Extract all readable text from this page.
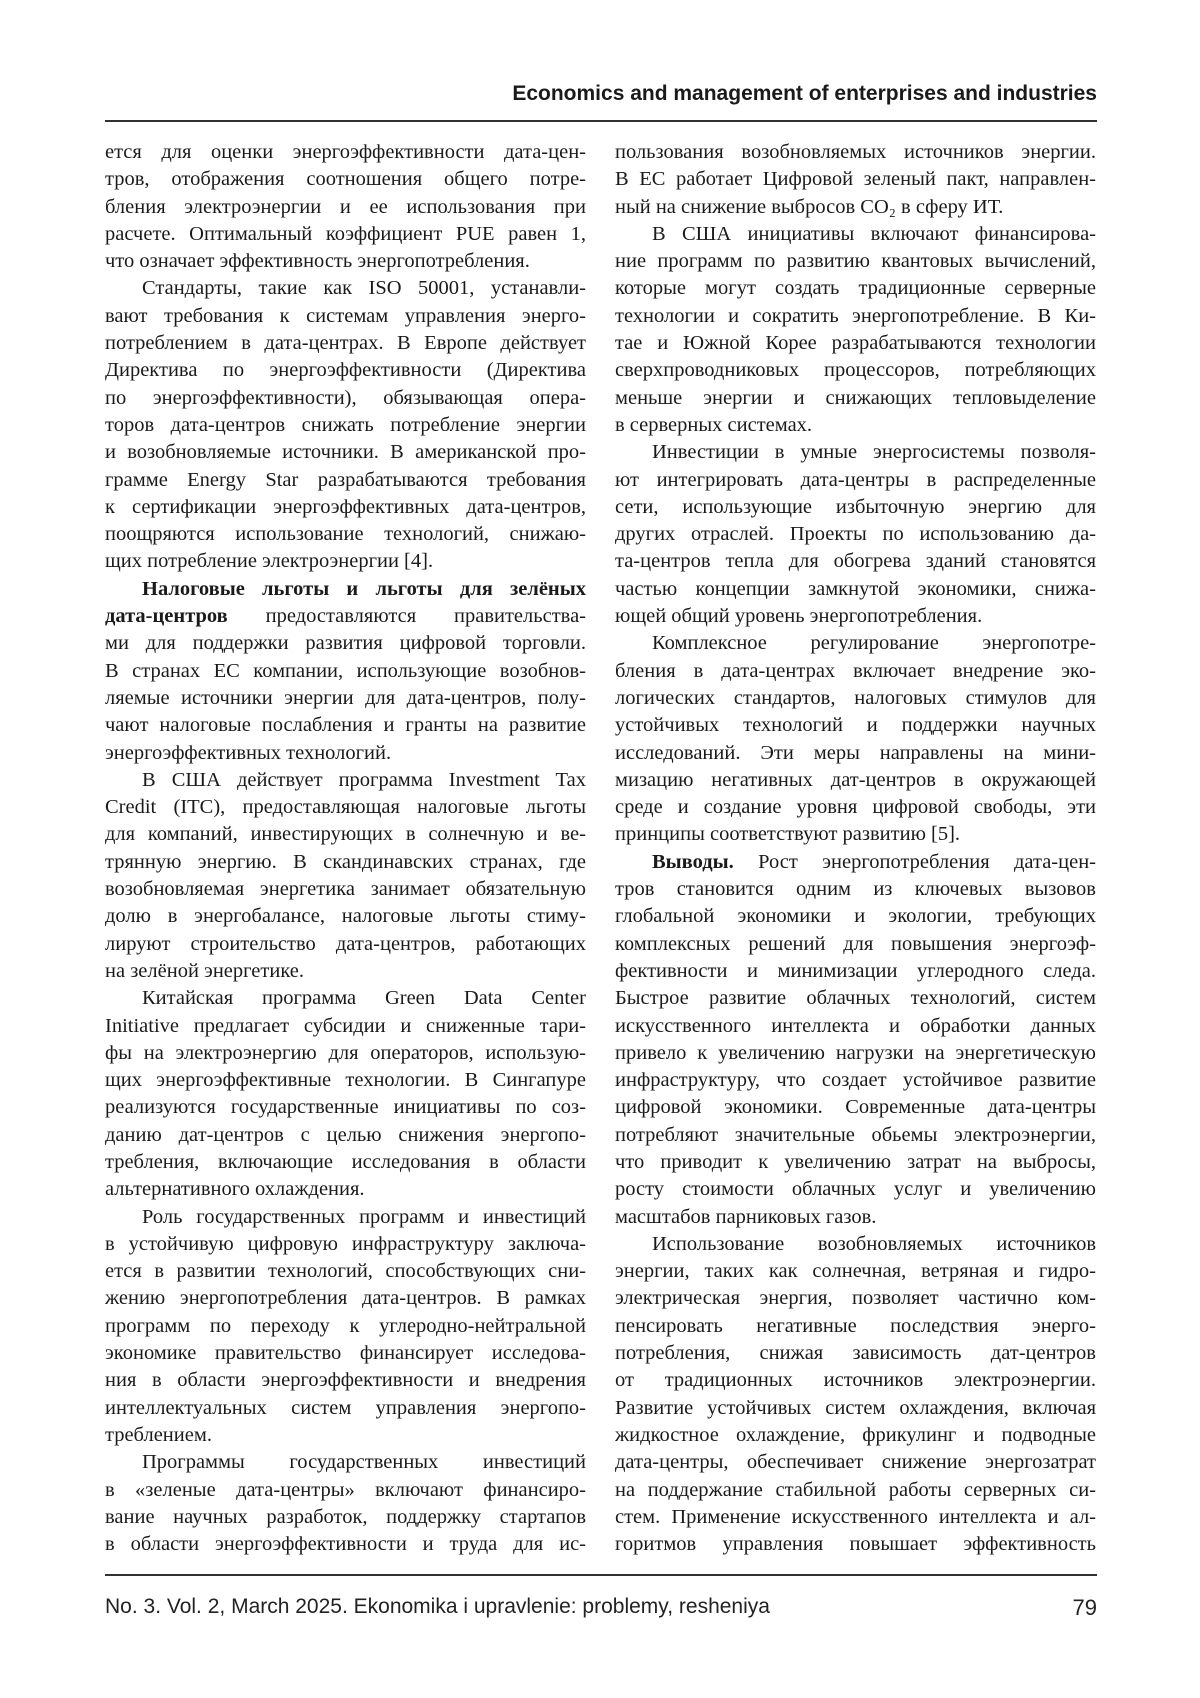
Economics and management of enterprises and industries
ется для оценки энергоэффективности дата-цен-
тров, отображения соотношения общего потре-
бления электроэнергии и ее использования при
расчете. Оптимальный коэффициент PUE равен 1,
что означает эффективность энергопотребления.
Стандарты, такие как ISO 50001, устанавли-
вают требования к системам управления энерго-
потреблением в дата-центрах. В Европе действует
Директива по энергоэффективности (Директива
по энергоэффективности), обязывающая опера-
торов дата-центров снижать потребление энергии
и возобновляемые источники. В американской про-
грамме Energy Star разрабатываются требования
к сертификации энергоэффективных дата-центров,
поощряются использование технологий, снижаю-
щих потребление электроэнергии [4].
Налоговые льготы и льготы для зелёных
дата-центров предоставляются правительства-
ми для поддержки развития цифровой торговли.
В странах ЕС компании, использующие возобнов-
ляемые источники энергии для дата-центров, полу-
чают налоговые послабления и гранты на развитие
энергоэффективных технологий.
В США действует программа Investment Tax
Credit (ITC), предоставляющая налоговые льготы
для компаний, инвестирующих в солнечную и ве-
трянную энергию. В скандинавских странах, где
возобновляемая энергетика занимает обязательную
долю в энергобалансе, налоговые льготы стиму-
лируют строительство дата-центров, работающих
на зелёной энергетике.
Китайская программа Green Data Center
Initiative предлагает субсидии и сниженные тари-
фы на электроэнергию для операторов, использую-
щих энергоэффективные технологии. В Сингапуре
реализуются государственные инициативы по соз-
данию дат-центров с целью снижения энергопо-
требления, включающие исследования в области
альтернативного охлаждения.
Роль государственных программ и инвестиций
в устойчивую цифровую инфраструктуру заключа-
ется в развитии технологий, способствующих сни-
жению энергопотребления дата-центров. В рамках
программ по переходу к углеродно-нейтральной
экономике правительство финансирует исследова-
ния в области энергоэффективности и внедрения
интеллектуальных систем управления энергопо-
треблением.
Программы государственных инвестиций
в «зеленые дата-центры» включают финансиро-
вание научных разработок, поддержку стартапов
в области энергоэффективности и труда для ис-
пользования возобновляемых источников энергии.
В ЕС работает Цифровой зеленый пакт, направлен-
ный на снижение выбросов CO₂ в сферу ИТ.
В США инициативы включают финансирова-
ние программ по развитию квантовых вычислений,
которые могут создать традиционные серверные
технологии и сократить энергопотребление. В Ки-
тае и Южной Корее разрабатываются технологии
сверхпроводниковых процессоров, потребляющих
меньше энергии и снижающих тепловыделение
в серверных системах.
Инвестиции в умные энергосистемы позволя-
ют интегрировать дата-центры в распределенные
сети, использующие избыточную энергию для
других отраслей. Проекты по использованию да-
та-центров тепла для обогрева зданий становятся
частью концепции замкнутой экономики, снижа-
ющей общий уровень энергопотребления.
Комплексное регулирование энергопотре-
бления в дата-центрах включает внедрение эко-
логических стандартов, налоговых стимулов для
устойчивых технологий и поддержки научных
исследований. Эти меры направлены на мини-
мизацию негативных дат-центров в окружающей
среде и создание уровня цифровой свободы, эти
принципы соответствуют развитию [5].
Выводы. Рост энергопотребления дата-цен-
тров становится одним из ключевых вызовов
глобальной экономики и экологии, требующих
комплексных решений для повышения энергоэф-
фективности и минимизации углеродного следа.
Быстрое развитие облачных технологий, систем
искусственного интеллекта и обработки данных
привело к увеличению нагрузки на энергетическую
инфраструктуру, что создает устойчивое развитие
цифровой экономики. Современные дата-центры
потребляют значительные обьемы электроэнергии,
что приводит к увеличению затрат на выбросы,
росту стоимости облачных услуг и увеличению
масштабов парниковых газов.
Использование возобновляемых источников
энергии, таких как солнечная, ветряная и гидро-
электрическая энергия, позволяет частично ком-
пенсировать негативные последствия энерго-
потребления, снижая зависимость дат-центров
от традиционных источников электроэнергии.
Развитие устойчивых систем охлаждения, включая
жидкостное охлаждение, фрикулинг и подводные
дата-центры, обеспечивает снижение энергозатрат
на поддержание стабильной работы серверных си-
стем. Применение искусственного интеллекта и ал-
горитмов управления повышает эффективность
No. 3. Vol. 2, March 2025. Ekonomika i upravlenie: problemy, resheniya	79
